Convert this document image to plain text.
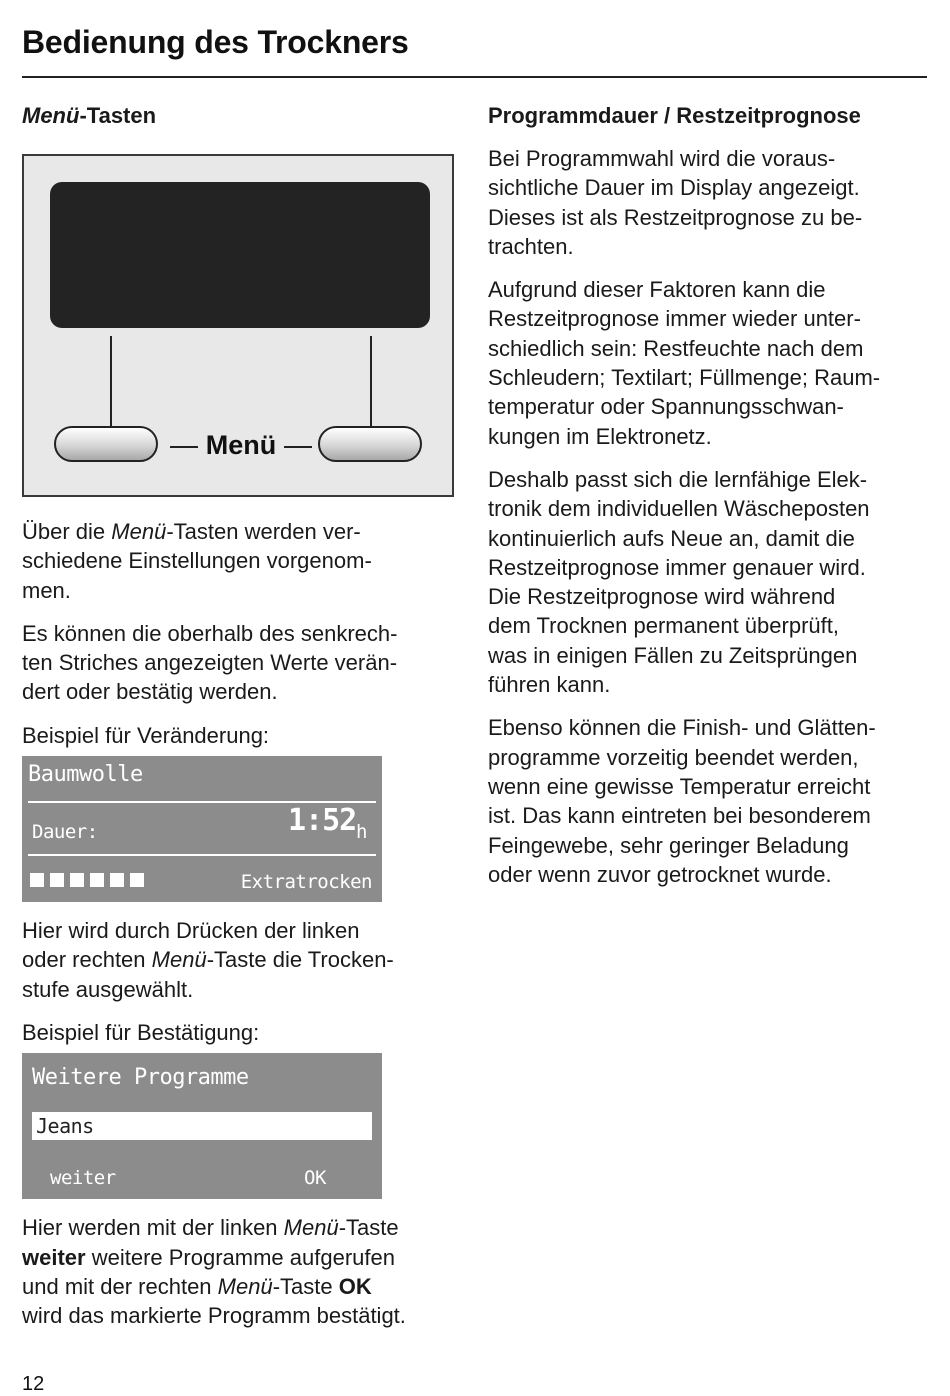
Bedienung des Trockners
Menü-Tasten
Menü

Über die Menü-Tasten werden ver-
schiedene Einstellungen vorgenom-
men.

Es können die oberhalb des senkrech-
ten Striches angezeigten Werte verän-
dert oder bestätig werden.

Beispiel für Veränderung:

Baumwolle
Dauer:	1:52 h
Extratrocken

Hier wird durch Drücken der linken
oder rechten Menü-Taste die Trocken-
stufe ausgewählt.

Beispiel für Bestätigung:

Weitere Programme
Jeans
weiter	OK

Hier werden mit der linken Menü-Taste
weiter weitere Programme aufgerufen
und mit der rechten Menü-Taste OK
wird das markierte Programm bestätigt.

Programmdauer / Restzeitprognose

Bei Programmwahl wird die voraus-
sichtliche Dauer im Display angezeigt.
Dieses ist als Restzeitprognose zu be-
trachten.

Aufgrund dieser Faktoren kann die
Restzeitprognose immer wieder unter-
schiedlich sein: Restfeuchte nach dem
Schleudern; Textilart; Füllmenge; Raum-
temperatur oder Spannungsschwan-
kungen im Elektronetz.

Deshalb passt sich die lernfähige Elek-
tronik dem individuellen Wäscheposten
kontinuierlich aufs Neue an, damit die
Restzeitprognose immer genauer wird.
Die Restzeitprognose wird während
dem Trocknen permanent überprüft,
was in einigen Fällen zu Zeitsprüngen
führen kann.

Ebenso können die Finish- und Glätten-
programme vorzeitig beendet werden,
wenn eine gewisse Temperatur erreicht
ist. Das kann eintreten bei besonderem
Feingewebe, sehr geringer Beladung
oder wenn zuvor getrocknet wurde.

12
